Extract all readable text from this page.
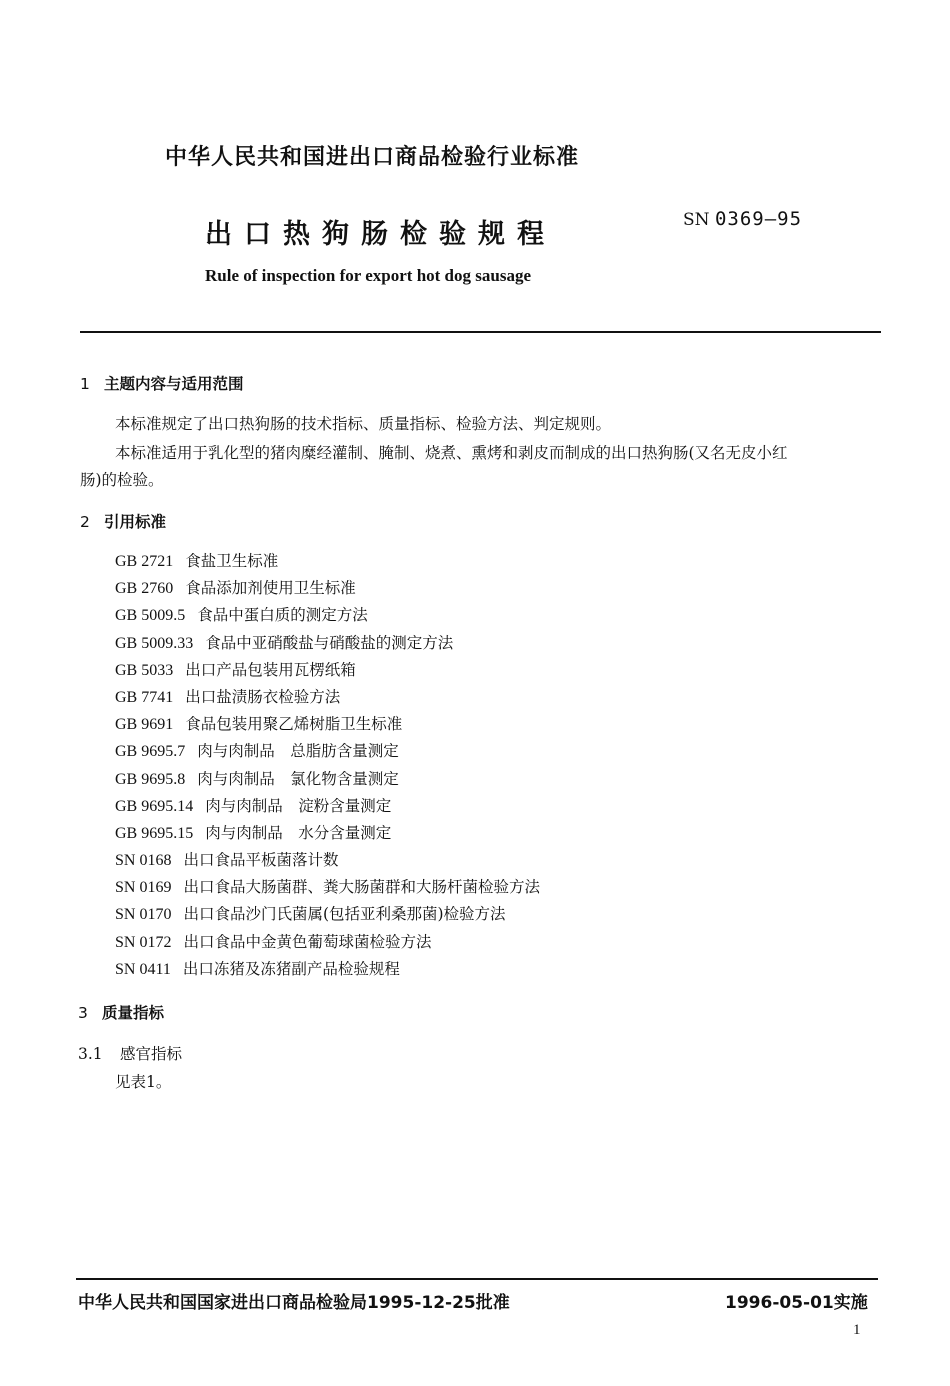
中华人民共和国进出口商品检验行业标准
出口热狗肠检验规程	SN 0369—95
Rule of inspection for export hot dog sausage
1 主题内容与适用范围
本标准规定了出口热狗肠的技术指标、质量指标、检验方法、判定规则。
本标准适用于乳化型的猪肉糜经灌制、腌制、烧煮、熏烤和剥皮而制成的出口热狗肠(又名无皮小红
肠)的检验。
2 引用标准
GB 2721 食盐卫生标准
GB 2760 食品添加剂使用卫生标准
GB 5009.5 食品中蛋白质的测定方法
GB 5009.33 食品中亚硝酸盐与硝酸盐的测定方法
GB 5033 出口产品包装用瓦楞纸箱
GB 7741 出口盐渍肠衣检验方法
GB 9691 食品包装用聚乙烯树脂卫生标准
GB 9695.7 肉与肉制品　总脂肪含量测定
GB 9695.8 肉与肉制品　氯化物含量测定
GB 9695.14 肉与肉制品　淀粉含量测定
GB 9695.15 肉与肉制品　水分含量测定
SN 0168 出口食品平板菌落计数
SN 0169 出口食品大肠菌群、粪大肠菌群和大肠杆菌检验方法
SN 0170 出口食品沙门氏菌属(包括亚利桑那菌)检验方法
SN 0172 出口食品中金黄色葡萄球菌检验方法
SN 0411 出口冻猪及冻猪副产品检验规程
3 质量指标
3.1 感官指标
见表1。
中华人民共和国国家进出口商品检验局1995-12-25批准	1996-05-01实施
1
